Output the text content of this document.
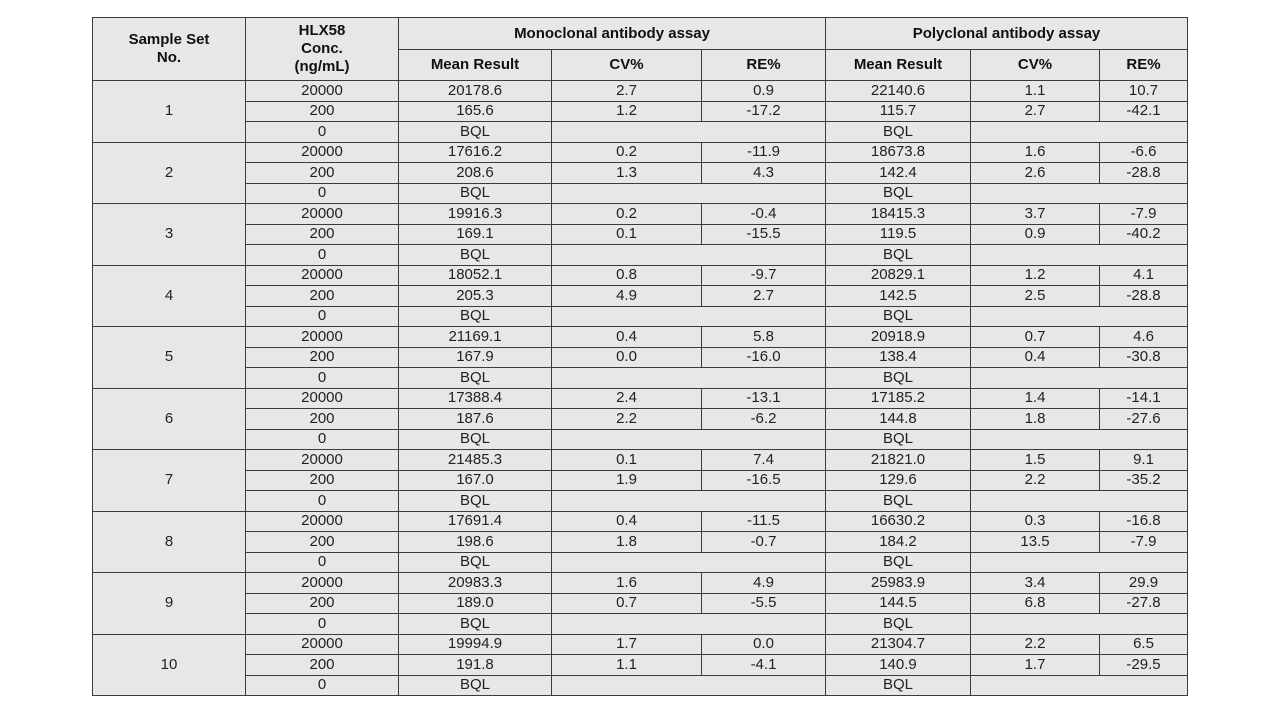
Sample Set No.	HLX58 Conc. (ng/mL)	Monoclonal antibody assay			Polyclonal antibody assay		
		Mean Result	CV%	RE%	Mean Result	CV%	RE%
1	20000	20178.6	2.7	0.9	22140.6	1.1	10.7
	200	165.6	1.2	-17.2	115.7	2.7	-42.1
	0	BQL			BQL		
2	20000	17616.2	0.2	-11.9	18673.8	1.6	-6.6
	200	208.6	1.3	4.3	142.4	2.6	-28.8
	0	BQL			BQL		
3	20000	19916.3	0.2	-0.4	18415.3	3.7	-7.9
	200	169.1	0.1	-15.5	119.5	0.9	-40.2
	0	BQL			BQL		
4	20000	18052.1	0.8	-9.7	20829.1	1.2	4.1
	200	205.3	4.9	2.7	142.5	2.5	-28.8
	0	BQL			BQL		
5	20000	21169.1	0.4	5.8	20918.9	0.7	4.6
	200	167.9	0.0	-16.0	138.4	0.4	-30.8
	0	BQL			BQL		
6	20000	17388.4	2.4	-13.1	17185.2	1.4	-14.1
	200	187.6	2.2	-6.2	144.8	1.8	-27.6
	0	BQL			BQL		
7	20000	21485.3	0.1	7.4	21821.0	1.5	9.1
	200	167.0	1.9	-16.5	129.6	2.2	-35.2
	0	BQL			BQL		
8	20000	17691.4	0.4	-11.5	16630.2	0.3	-16.8
	200	198.6	1.8	-0.7	184.2	13.5	-7.9
	0	BQL			BQL		
9	20000	20983.3	1.6	4.9	25983.9	3.4	29.9
	200	189.0	0.7	-5.5	144.5	6.8	-27.8
	0	BQL			BQL		
10	20000	19994.9	1.7	0.0	21304.7	2.2	6.5
	200	191.8	1.1	-4.1	140.9	1.7	-29.5
	0	BQL			BQL		
